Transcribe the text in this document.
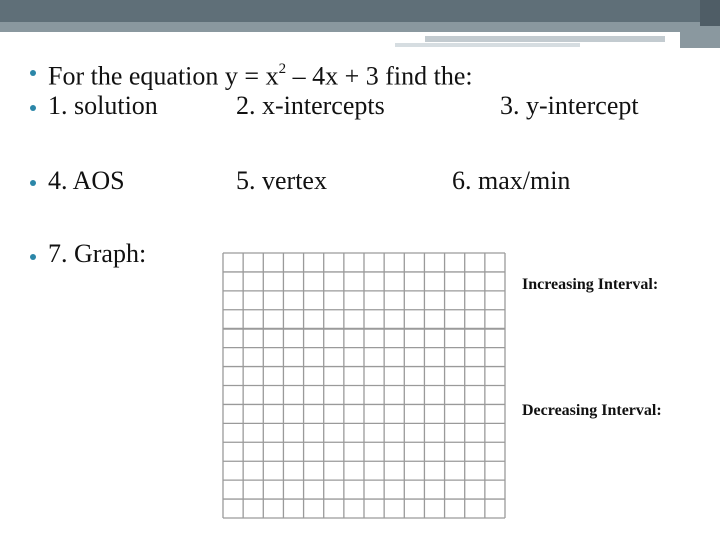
For the equation $y = x^2 - 4x + 3$ find the:
1. solution	2. x-intercepts	3. y-intercept
4. AOS	5. vertex	6. max/min
7. Graph:
Increasing Interval:
Decreasing Interval:
